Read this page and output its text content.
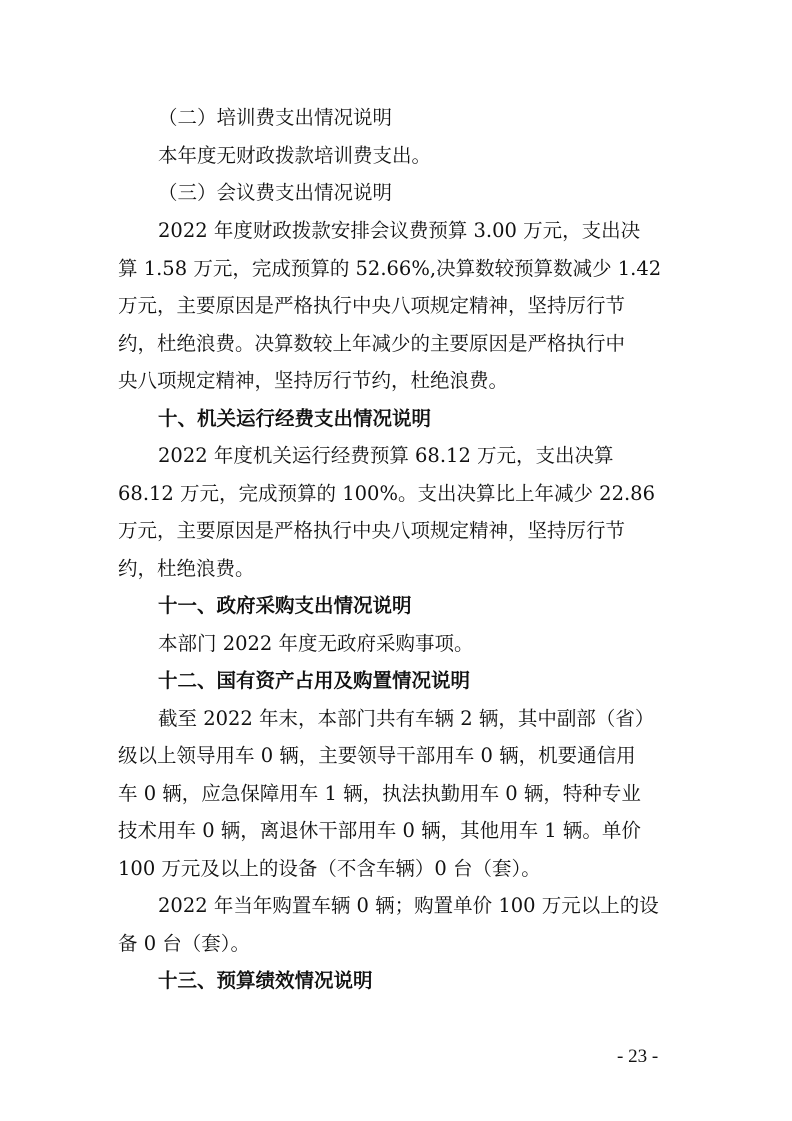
（二）培训费支出情况说明
本年度无财政拨款培训费支出。
（三）会议费支出情况说明
2022 年度财政拨款安排会议费预算 3.00 万元，支出决
算 1.58 万元，完成预算的 52.66%,决算数较预算数减少 1.42
万元，主要原因是严格执行中央八项规定精神，坚持厉行节
约，杜绝浪费。决算数较上年减少的主要原因是严格执行中
央八项规定精神，坚持厉行节约，杜绝浪费。
十、机关运行经费支出情况说明
2022 年度机关运行经费预算 68.12 万元，支出决算
68.12 万元，完成预算的 100%。支出决算比上年减少 22.86
万元，主要原因是严格执行中央八项规定精神，坚持厉行节
约，杜绝浪费。
十一、政府采购支出情况说明
本部门 2022 年度无政府采购事项。
十二、国有资产占用及购置情况说明
截至 2022 年末，本部门共有车辆 2 辆，其中副部（省）
级以上领导用车 0 辆，主要领导干部用车 0 辆，机要通信用
车 0 辆，应急保障用车 1 辆，执法执勤用车 0 辆，特种专业
技术用车 0 辆，离退休干部用车 0 辆，其他用车 1 辆。单价
100 万元及以上的设备（不含车辆）0 台（套）。
2022 年当年购置车辆 0 辆；购置单价 100 万元以上的设
备 0 台（套）。
十三、预算绩效情况说明
- 23 -
